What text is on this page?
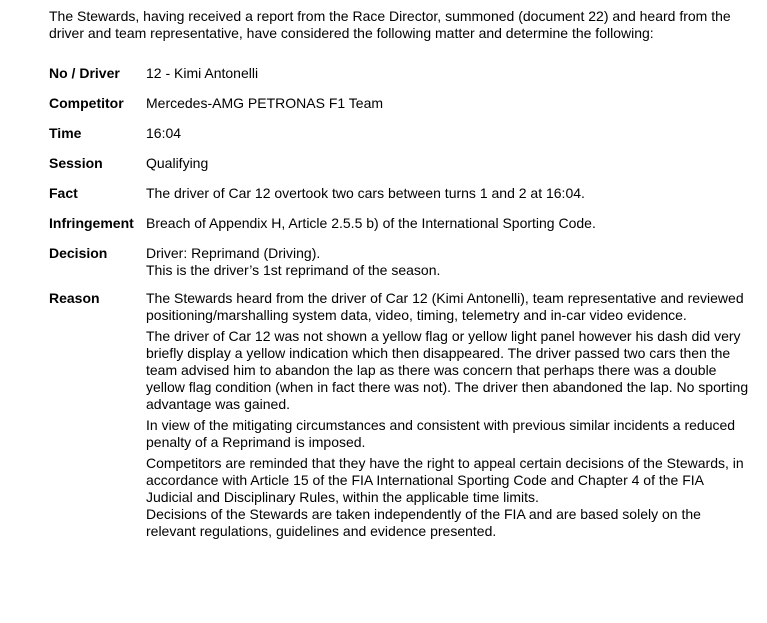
The Stewards, having received a report from the Race Director, summoned (document 22) and heard from the driver and team representative, have considered the following matter and determine the following:

No / Driver	12 - Kimi Antonelli
Competitor	Mercedes-AMG PETRONAS F1 Team
Time	16:04
Session	Qualifying
Fact	The driver of Car 12 overtook two cars between turns 1 and 2 at 16:04.
Infringement Breach of Appendix H, Article 2.5.5 b) of the International Sporting Code.
Decision	Driver: Reprimand (Driving).

This is the driver’s 1st reprimand of the season.

Reason	The Stewards heard from the driver of Car 12 (Kimi Antonelli), team representative and reviewed positioning/marshalling system data, video, timing, telemetry and in-car video evidence.

The driver of Car 12 was not shown a yellow flag or yellow light panel however his dash did very briefly display a yellow indication which then disappeared. The driver passed two cars then the team advised him to abandon the lap as there was concern that perhaps there was a double yellow flag condition (when in fact there was not). The driver then abandoned the lap. No sporting advantage was gained.

In view of the mitigating circumstances and consistent with previous similar incidents a reduced penalty of a Reprimand is imposed.

Competitors are reminded that they have the right to appeal certain decisions of the Stewards, in accordance with Article 15 of the FIA International Sporting Code and Chapter 4 of the FIA Judicial and Disciplinary Rules, within the applicable time limits.

Decisions of the Stewards are taken independently of the FIA and are based solely on the relevant regulations, guidelines and evidence presented.
